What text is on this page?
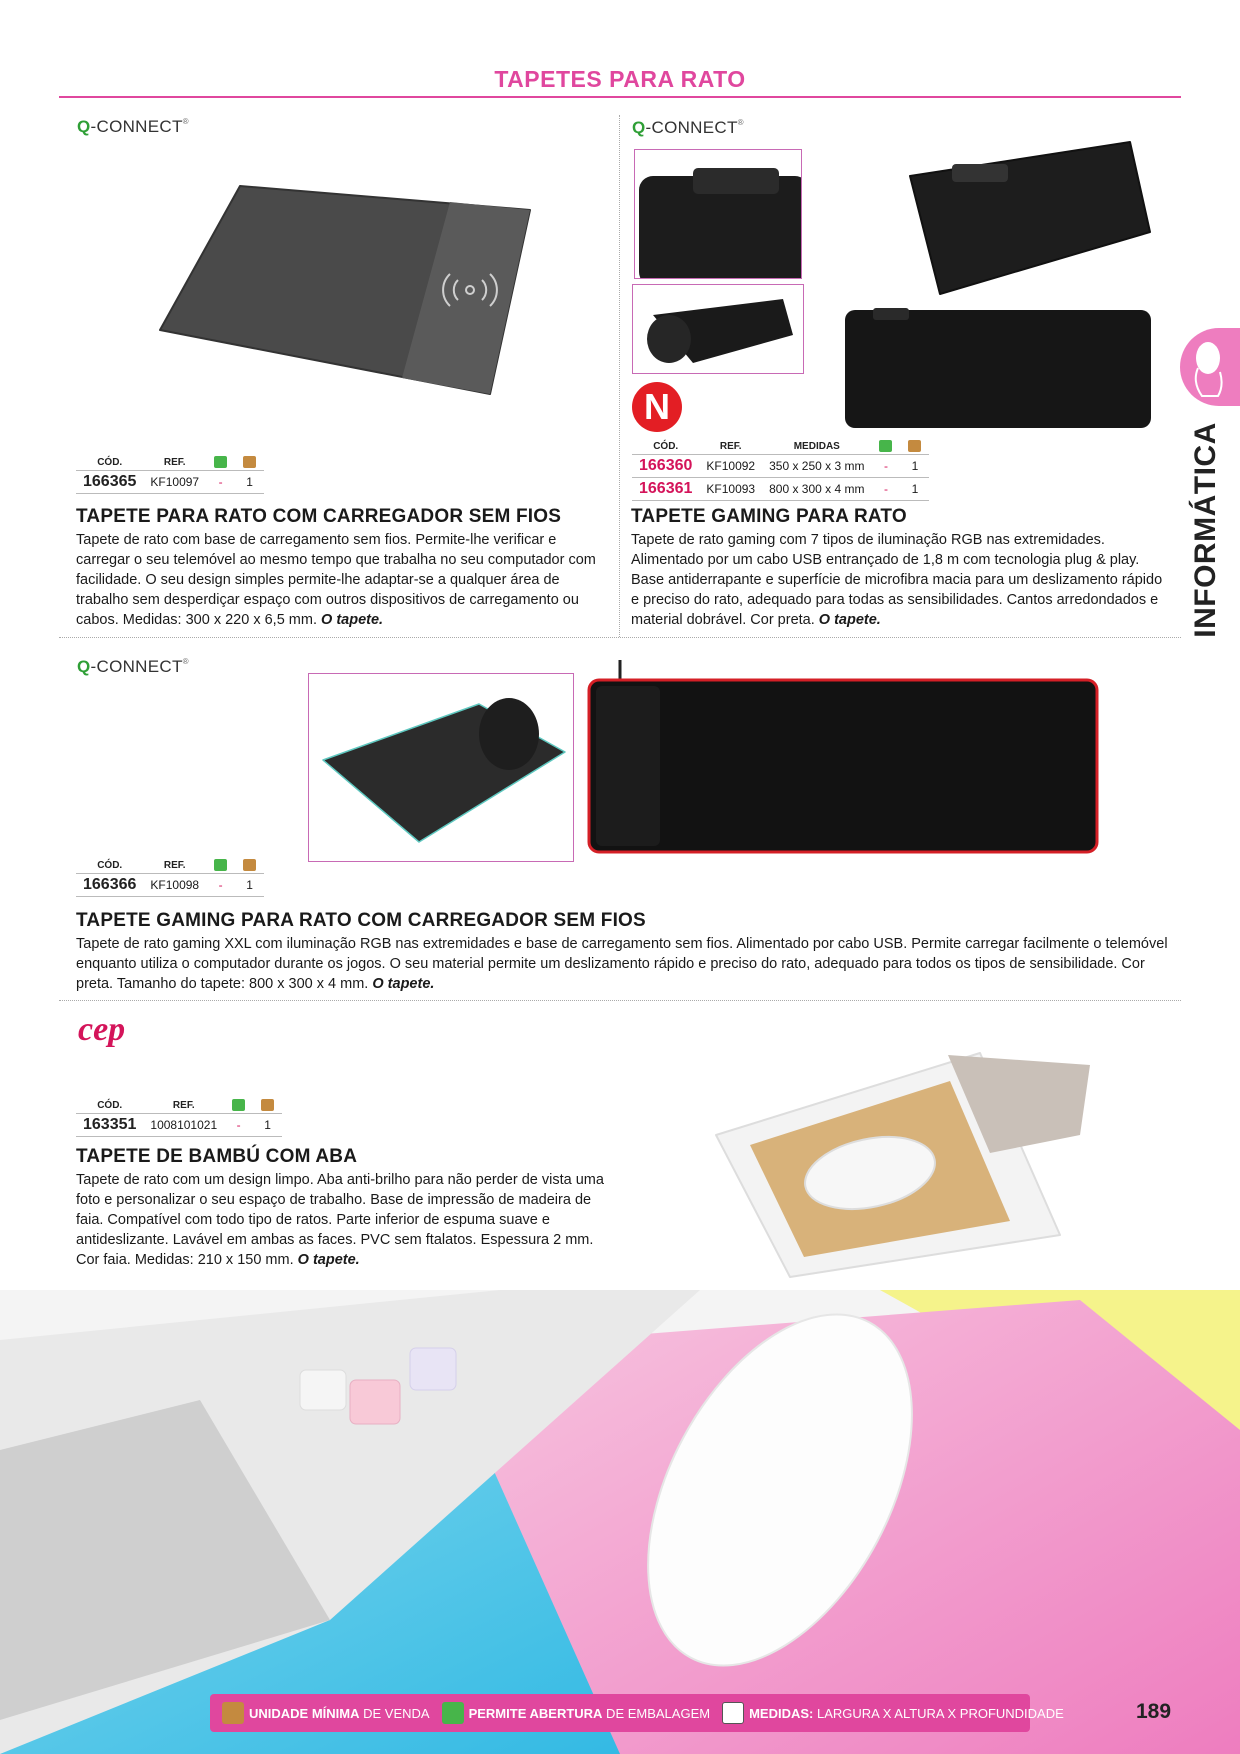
TAPETES PARA RATO
INFORMÁTICA
Q-CONNECT®
CÓD.	REF.		
166365	KF10097	-	1
TAPETE PARA RATO COM CARREGADOR SEM FIOS
Tapete de rato com base de carregamento sem fios. Permite-lhe verificar e carregar o seu telemóvel ao mesmo tempo que trabalha no seu computador com facilidade. O seu design simples permite-lhe adaptar-se a qualquer área de trabalho sem desperdiçar espaço com outros dispositivos de carregamento ou cabos. Medidas: 300 x 220 x 6,5 mm. O tapete.
Q-CONNECT®
N
CÓD.	REF.	MEDIDAS		
166360	KF10092	350 x 250 x 3 mm	-	1
166361	KF10093	800 x 300 x 4 mm	-	1
TAPETE GAMING PARA RATO
Tapete de rato gaming com 7 tipos de iluminação RGB nas extremidades. Alimentado por um cabo USB entrançado de 1,8 m com tecnologia plug & play. Base antiderrapante e superfície de microfibra macia para um deslizamento rápido e preciso do rato, adequado para todas as sensibilidades. Cantos arredondados e material dobrável. Cor preta. O tapete.
Q-CONNECT®
CÓD.	REF.		
166366	KF10098	-	1
TAPETE GAMING PARA RATO COM CARREGADOR SEM FIOS
Tapete de rato gaming XXL com iluminação RGB nas extremidades e base de carregamento sem fios. Alimentado por cabo USB. Permite carregar facilmente o telemóvel enquanto utiliza o computador durante os jogos. O seu material permite um deslizamento rápido e preciso do rato, adequado para todos os tipos de sensibilidade. Cor preta. Tamanho do tapete: 800 x 300 x 4 mm. O tapete.
cep
CÓD.	REF.		
163351	1008101021	-	1
TAPETE DE BAMBÚ COM ABA
Tapete de rato com um design limpo. Aba anti-brilho para não perder de vista uma foto e personalizar o seu espaço de trabalho. Base de impressão de madeira de faia. Compatível com todo tipo de ratos. Parte inferior de espuma suave e antideslizante. Lavável em ambas as faces. PVC sem ftalatos. Espessura 2 mm. Cor faia. Medidas: 210 x 150 mm. O tapete.
UNIDADE MÍNIMA DE VENDA	PERMITE ABERTURA DE EMBALAGEM	MEDIDAS: LARGURA X ALTURA X PROFUNDIDADE	189
